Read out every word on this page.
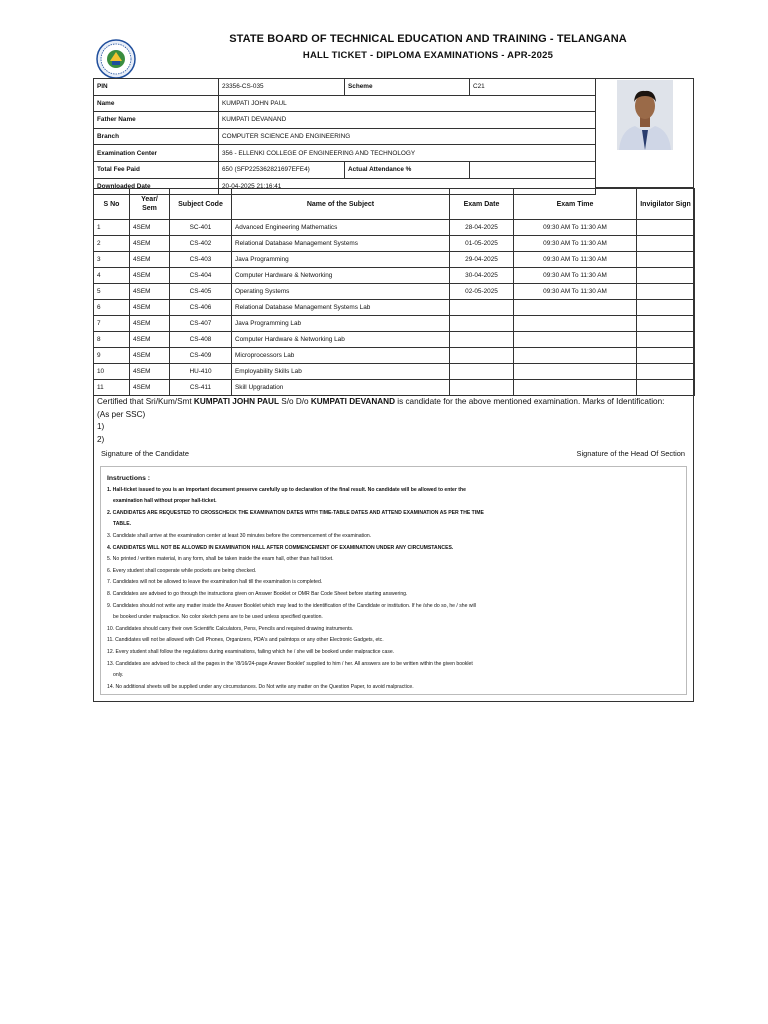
STATE BOARD OF TECHNICAL EDUCATION AND TRAINING - TELANGANA
HALL TICKET - DIPLOMA EXAMINATIONS - APR-2025
PIN	23356-CS-035	Scheme	C21
Name	KUMPATI JOHN PAUL		
Father Name	KUMPATI DEVANAND		
Branch	COMPUTER SCIENCE AND ENGINEERING		
Examination Center	356 - ELLENKI COLLEGE OF ENGINEERING AND TECHNOLOGY		
Total Fee Paid	650 (SFP225362821697EFE4)	Actual Attendance %	
Downloaded Date	20-04-2025 21:16:41		
S No	Year/ Sem	Subject Code	Name of the Subject	Exam Date	Exam Time	Invigilator Sign
1	4SEM	SC-401	Advanced Engineering Mathematics	28-04-2025	09:30 AM To 11:30 AM	
2	4SEM	CS-402	Relational Database Management Systems	01-05-2025	09:30 AM To 11:30 AM	
3	4SEM	CS-403	Java Programming	29-04-2025	09:30 AM To 11:30 AM	
4	4SEM	CS-404	Computer Hardware & Networking	30-04-2025	09:30 AM To 11:30 AM	
5	4SEM	CS-405	Operating Systems	02-05-2025	09:30 AM To 11:30 AM	
6	4SEM	CS-406	Relational Database Management Systems Lab			
7	4SEM	CS-407	Java Programming Lab			
8	4SEM	CS-408	Computer Hardware & Networking Lab			
9	4SEM	CS-409	Microprocessors Lab			
10	4SEM	HU-410	Employability Skills Lab			
11	4SEM	CS-411	Skill Upgradation			
Certified that Sri/Kum/Smt KUMPATI JOHN PAUL S/o D/o KUMPATI DEVANAND is candidate for the above mentioned examination. Marks of Identification:
(As per SSC)
1)
2)
Signature of the Candidate	Signature of the Head Of Section
Instructions :
1. Hall-ticket issued to you is an important document preserve carefully up to declaration of the final result. No candidate will be allowed to enter the
examination hall without proper hall-ticket.
2. CANDIDATES ARE REQUESTED TO CROSSCHECK THE EXAMINATION DATES WITH TIME-TABLE DATES AND ATTEND EXAMINATION AS PER THE TIME
TABLE.
3. Candidate shall arrive at the examination center at least 30 minutes before the commencement of the examination.
4. CANDIDATES WILL NOT BE ALLOWED IN EXAMINATION HALL AFTER COMMENCEMENT OF EXAMINATION UNDER ANY CIRCUMSTANCES.
5. No printed / written material, in any form, shall be taken inside the exam hall, other than hall ticket.
6. Every student shall cooperate while pockets are being checked.
7. Candidates will not be allowed to leave the examination hall till the examination is completed.
8. Candidates are advised to go through the instructions given on Answer Booklet or OMR Bar Code Sheet before starting answering.
9. Candidates should not write any matter inside the Answer Booklet which may lead to the identification of the Candidate or institution. If he /she do so, he / she will
be booked under malpractice. No color sketch pens are to be used unless specified question.
10. Candidates should carry their own Scientific Calculators, Pens, Pencils and required drawing instruments.
11. Candidates will not be allowed with Cell Phones, Organizers, PDA's and palmtops or any other Electronic Gadgets, etc.
12. Every student shall follow the regulations during examinations, failing which he / she will be booked under malpractice case.
13. Candidates are advised to check all the pages in the '/8/16/24-page Answer Booklet' supplied to him / her. All answers are to be written within the given booklet
only.
14. No additional sheets will be supplied under any circumstances. Do Not write any matter on the Question Paper, to avoid malpractice.
